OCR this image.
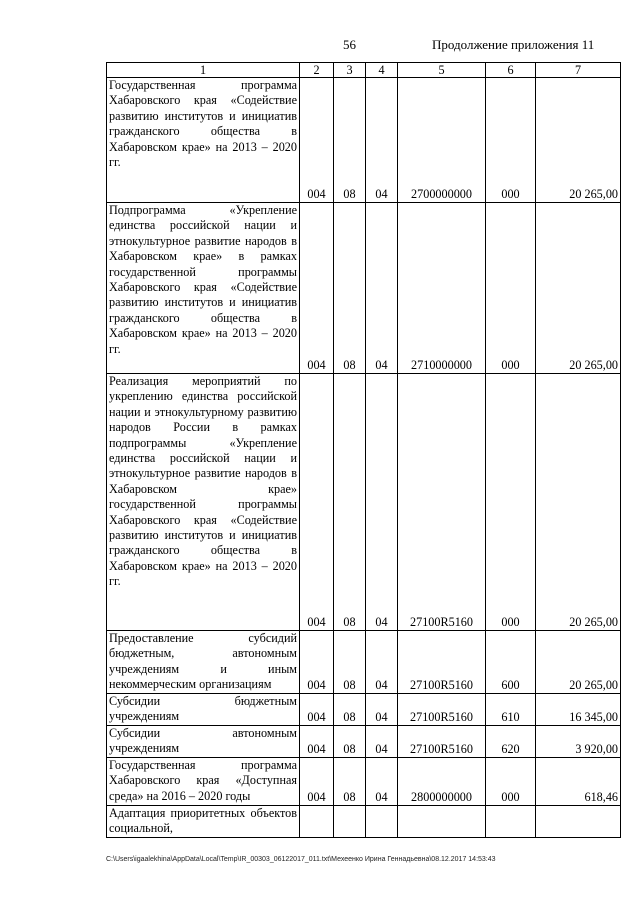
56	Продолжение приложения 11
1	2	3	4	5	6	7
Государственная программа Хабаровского края «Содействие развитию институтов и инициатив гражданского общества в Хабаровском крае» на 2013 – 2020 гг.	004	08	04	2700000000	000	20 265,00
Подпрограмма «Укрепление единства российской нации и этнокультурное развитие народов в Хабаровском крае» в рамках государственной программы Хабаровского края «Содействие развитию институтов и инициатив гражданского общества в Хабаровском крае» на 2013 – 2020 гг.	004	08	04	2710000000	000	20 265,00
Реализация мероприятий по укреплению единства российской нации и этнокультурному развитию народов России в рамках подпрограммы «Укрепление единства российской нации и этнокультурное развитие народов в Хабаровском крае» государственной программы Хабаровского края «Содействие развитию институтов и инициатив гражданского общества в Хабаровском крае» на 2013 – 2020 гг.	004	08	04	27100R5160	000	20 265,00
Предоставление субсидий бюджетным, автономным учреждениям и иным некоммерческим организациям	004	08	04	27100R5160	600	20 265,00
Субсидии бюджетным учреждениям	004	08	04	27100R5160	610	16 345,00
Субсидии автономным учреждениям	004	08	04	27100R5160	620	3 920,00
Государственная программа Хабаровского края «Доступная среда» на 2016 – 2020 годы	004	08	04	2800000000	000	618,46
Адаптация приоритетных объектов социальной,						
C:\Users\igaalekhina\AppData\Local\Temp\IR_00303_06122017_011.txt\Мехеенко Ирина Геннадьевна\08.12.2017 14:53:43
